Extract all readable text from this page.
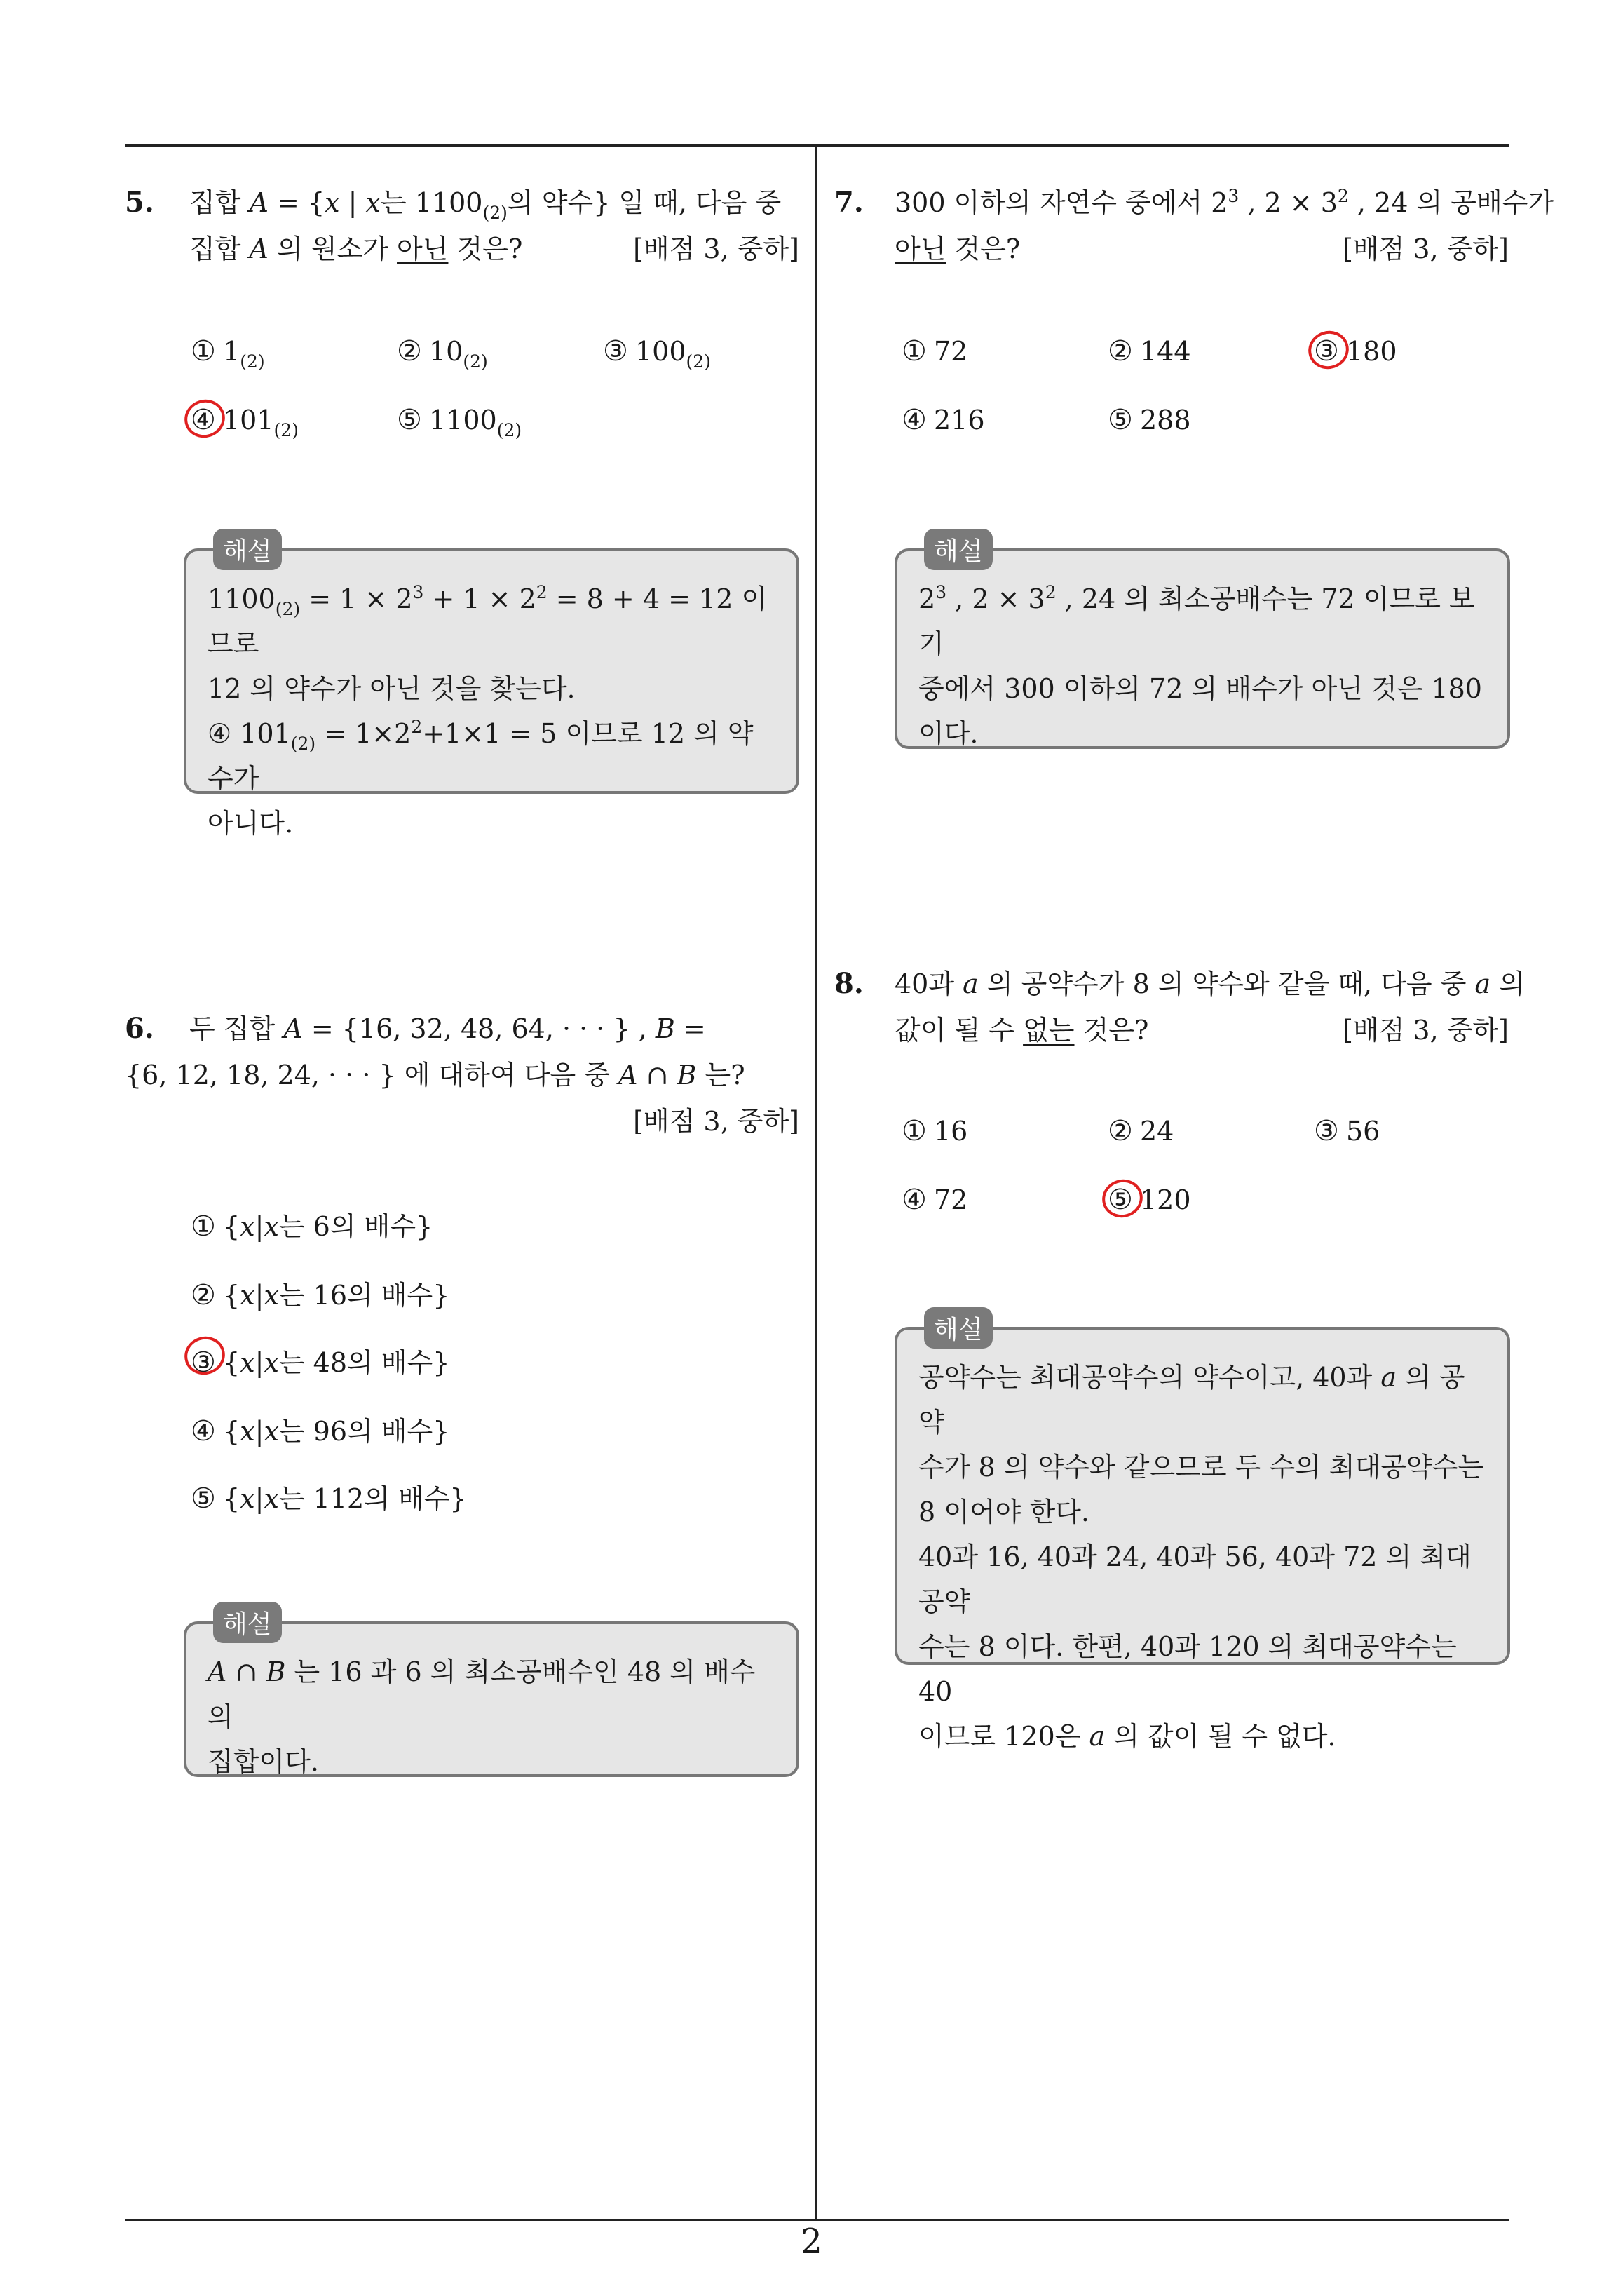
5. 집합 A = {x | x는 $1100_{(2)}$의 약수} 일 때, 다음 중
집합 A 의 원소가 아닌 것은?	[배점 3, 중하]
① $1_{(2)}$	② $10_{(2)}$	③ $100_{(2)}$
④ $101_{(2)}$	⑤ $1100_{(2)}$
해설
$1100_{(2)} = 1 \times 2^3 + 1 \times 2^2 = 8 + 4 = 12$ 이므로
12 의 약수가 아닌 것을 찾는다.
④ $101_{(2)} = 1\times 2^2+1\times 1 = 5$ 이므로 12 의 약수가
아니다.
6. 두 집합 A = {16, 32, 48, 64, · · · } , B =
{6, 12, 18, 24, · · · } 에 대하여 다음 중 A ∩ B 는?
[배점 3, 중하]
① {x|x는 6의 배수}
② {x|x는 16의 배수}
③ {x|x는 48의 배수}
④ {x|x는 96의 배수}
⑤ {x|x는 112의 배수}
해설
A ∩ B 는 16 과 6 의 최소공배수인 48 의 배수의
집합이다.
7. 300 이하의 자연수 중에서 $2^3$ , $2 \times 3^2$ , 24 의 공배수가
아닌 것은?	[배점 3, 중하]
① 72	② 144	③ 180
④ 216	⑤ 288
해설
$2^3$ , $2 \times 3^2$ , 24 의 최소공배수는 72 이므로 보기
중에서 300 이하의 72 의 배수가 아닌 것은 180
이다.
8. 40과 a 의 공약수가 8 의 약수와 같을 때, 다음 중 a 의
값이 될 수 없는 것은?	[배점 3, 중하]
① 16	② 24	③ 56
④ 72	⑤ 120
해설
공약수는 최대공약수의 약수이고, 40과 a 의 공약
수가 8 의 약수와 같으므로 두 수의 최대공약수는
8 이어야 한다.
40과 16, 40과 24, 40과 56, 40과 72 의 최대공약
수는 8 이다. 한편, 40과 120 의 최대공약수는 40
이므로 120은 a 의 값이 될 수 없다.
2
